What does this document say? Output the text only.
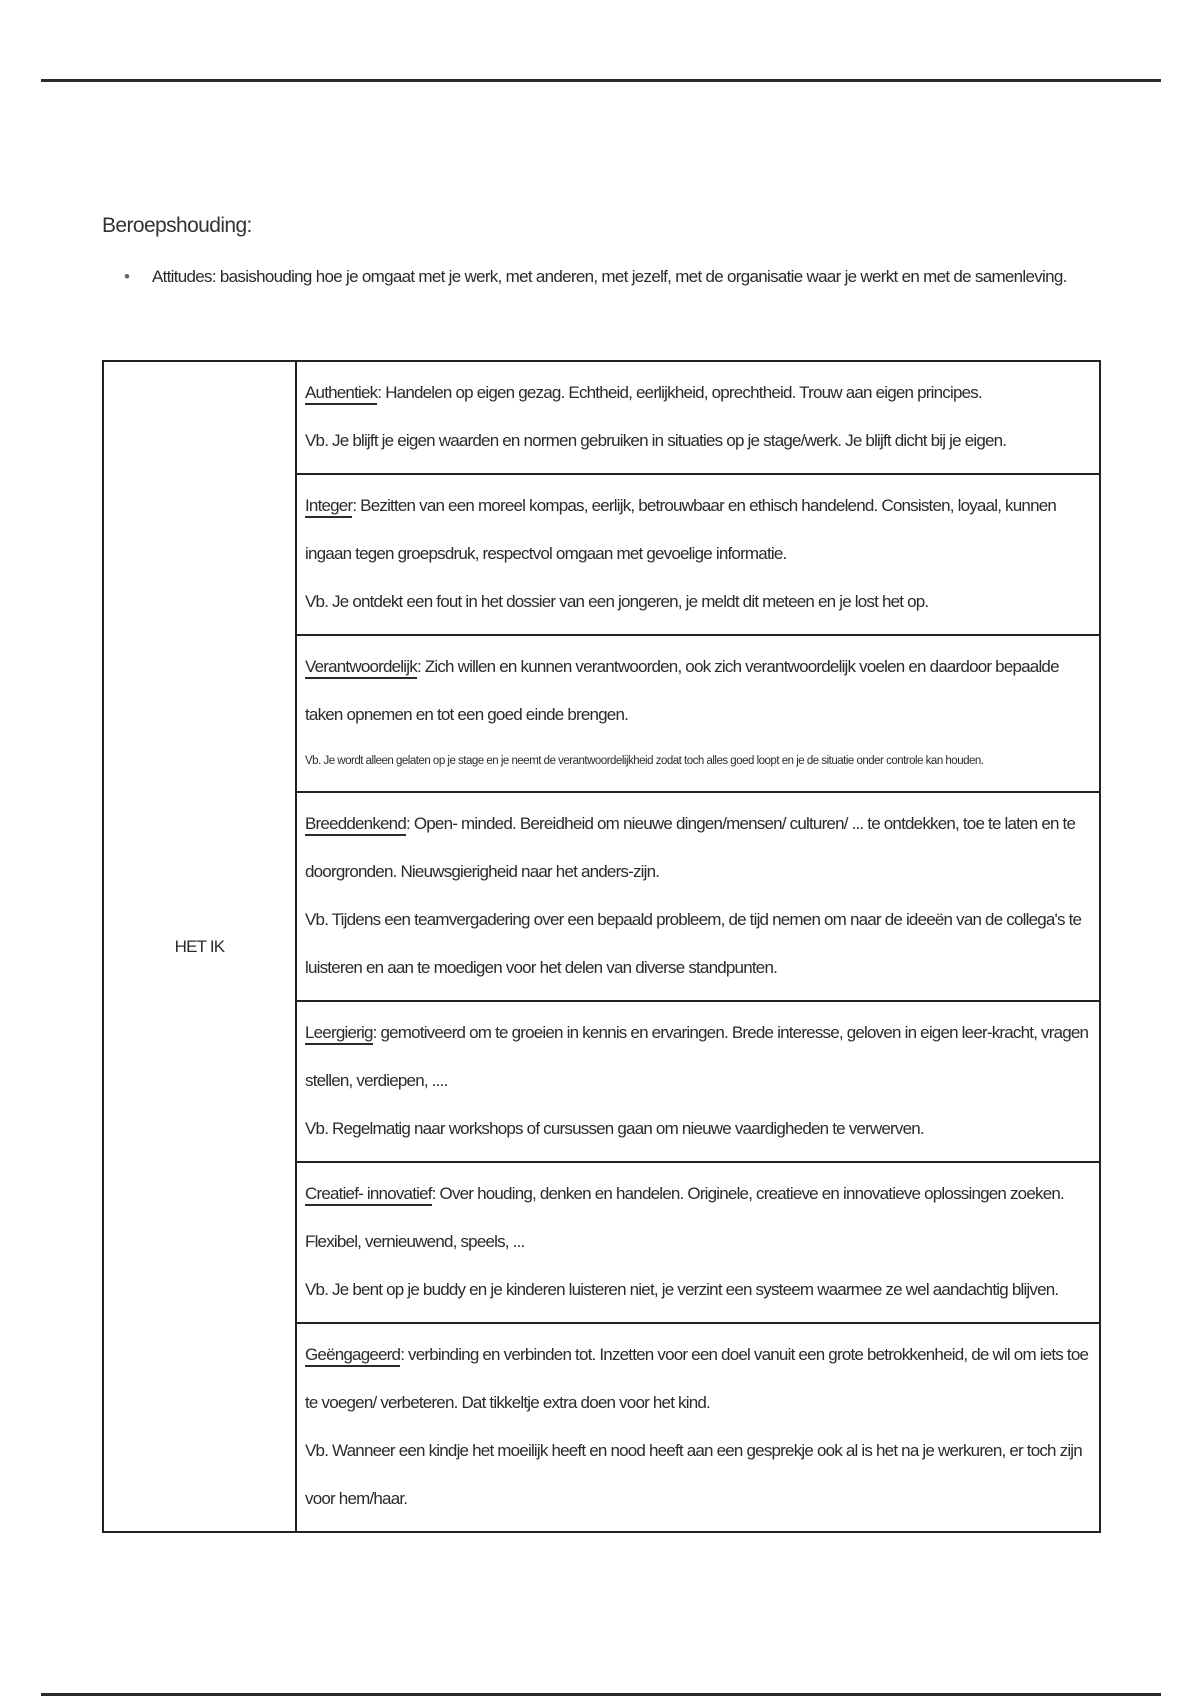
Beroepshouding:
• Attitudes: basishouding hoe je omgaat met je werk, met anderen, met jezelf, met de organisatie waar je werkt en met de samenleving.
HET IK	

Authentiek: Handelen op eigen gezag. Echtheid, eerlijkheid, oprechtheid. Trouw aan eigen principes.

Vb. Je blijft je eigen waarden en normen gebruiken in situaties op je stage/werk. Je blijft dicht bij je eigen.

Integer: Bezitten van een moreel kompas, eerlijk, betrouwbaar en ethisch handelend. Consisten, loyaal, kunnen ingaan tegen groepsdruk, respectvol omgaan met gevoelige informatie.

Vb. Je ontdekt een fout in het dossier van een jongeren, je meldt dit meteen en je lost het op.

Verantwoordelijk: Zich willen en kunnen verantwoorden, ook zich verantwoordelijk voelen en daardoor bepaalde taken opnemen en tot een goed einde brengen.

Vb. Je wordt alleen gelaten op je stage en je neemt de verantwoordelijkheid zodat toch alles goed loopt en je de situatie onder controle kan houden.

Breeddenkend: Open- minded. Bereidheid om nieuwe dingen/mensen/ culturen/ ... te ontdekken, toe te laten en te doorgronden. Nieuwsgierigheid naar het anders-zijn.

Vb. Tijdens een teamvergadering over een bepaald probleem, de tijd nemen om naar de ideeën van de collega's te luisteren en aan te moedigen voor het delen van diverse standpunten.

Leergierig: gemotiveerd om te groeien in kennis en ervaringen. Brede interesse, geloven in eigen leer-kracht, vragen stellen, verdiepen, ....

Vb. Regelmatig naar workshops of cursussen gaan om nieuwe vaardigheden te verwerven.

Creatief- innovatief: Over houding, denken en handelen. Originele, creatieve en innovatieve oplossingen zoeken. Flexibel, vernieuwend, speels, ...

Vb. Je bent op je buddy en je kinderen luisteren niet, je verzint een systeem waarmee ze wel aandachtig blijven.

Geëngageerd: verbinding en verbinden tot. Inzetten voor een doel vanuit een grote betrokkenheid, de wil om iets toe te voegen/ verbeteren. Dat tikkeltje extra doen voor het kind.

Vb. Wanneer een kindje het moeilijk heeft en nood heeft aan een gesprekje ook al is het na je werkuren, er toch zijn voor hem/haar.
